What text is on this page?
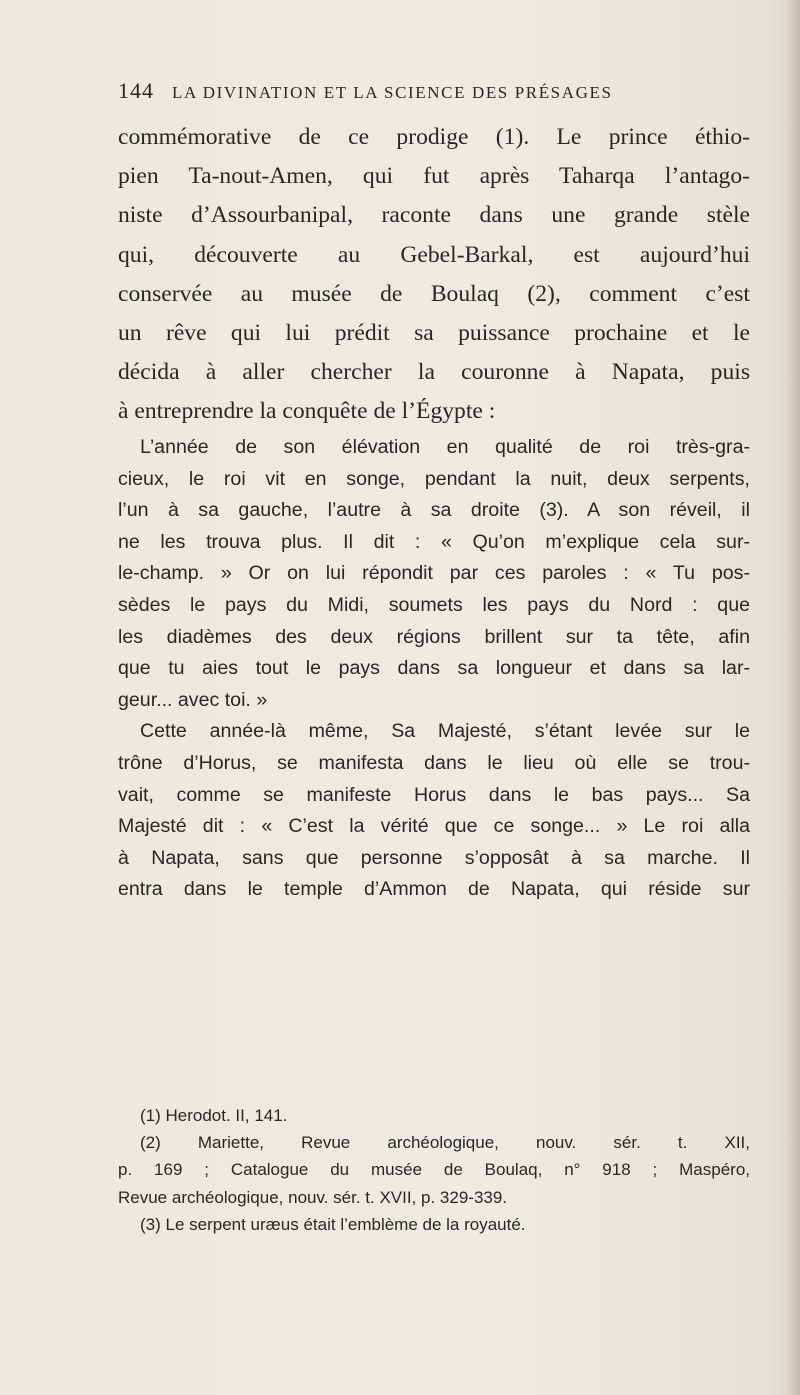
144 LA DIVINATION ET LA SCIENCE DES PRÉSAGES

commémorative de ce prodige (1). Le prince éthio-
pien Ta-nout-Amen, qui fut après Taharqa l’antago-
niste d’Assourbanipal, raconte dans une grande stèle
qui, découverte au Gebel-Barkal, est aujourd’hui
conservée au musée de Boulaq (2), comment c’est
un rêve qui lui prédit sa puissance prochaine et le
décida à aller chercher la couronne à Napata, puis
à entreprendre la conquête de l’Égypte :

L’année de son élévation en qualité de roi très-gra-
cieux, le roi vit en songe, pendant la nuit, deux serpents,
l’un à sa gauche, l’autre à sa droite (3). A son réveil, il
ne les trouva plus. Il dit : « Qu’on m’explique cela sur-
le-champ. » Or on lui répondit par ces paroles : « Tu pos-
sèdes le pays du Midi, soumets les pays du Nord : que
les diadèmes des deux régions brillent sur ta tête, afin
que tu aies tout le pays dans sa longueur et dans sa lar-
geur... avec toi. »

Cette année-là même, Sa Majesté, s’étant levée sur le
trône d’Horus, se manifesta dans le lieu où elle se trou-
vait, comme se manifeste Horus dans le bas pays... Sa
Majesté dit : « C’est la vérité que ce songe... » Le roi alla
à Napata, sans que personne s’opposât à sa marche. Il
entra dans le temple d’Ammon de Napata, qui réside sur

(1) Herodot. II, 141.

(2) Mariette, Revue archéologique, nouv. sér. t. XII,
p. 169 ; Catalogue du musée de Boulaq, n° 918 ; Maspéro,
Revue archéologique, nouv. sér. t. XVII, p. 329-339.

(3) Le serpent uræus était l’emblème de la royauté.
